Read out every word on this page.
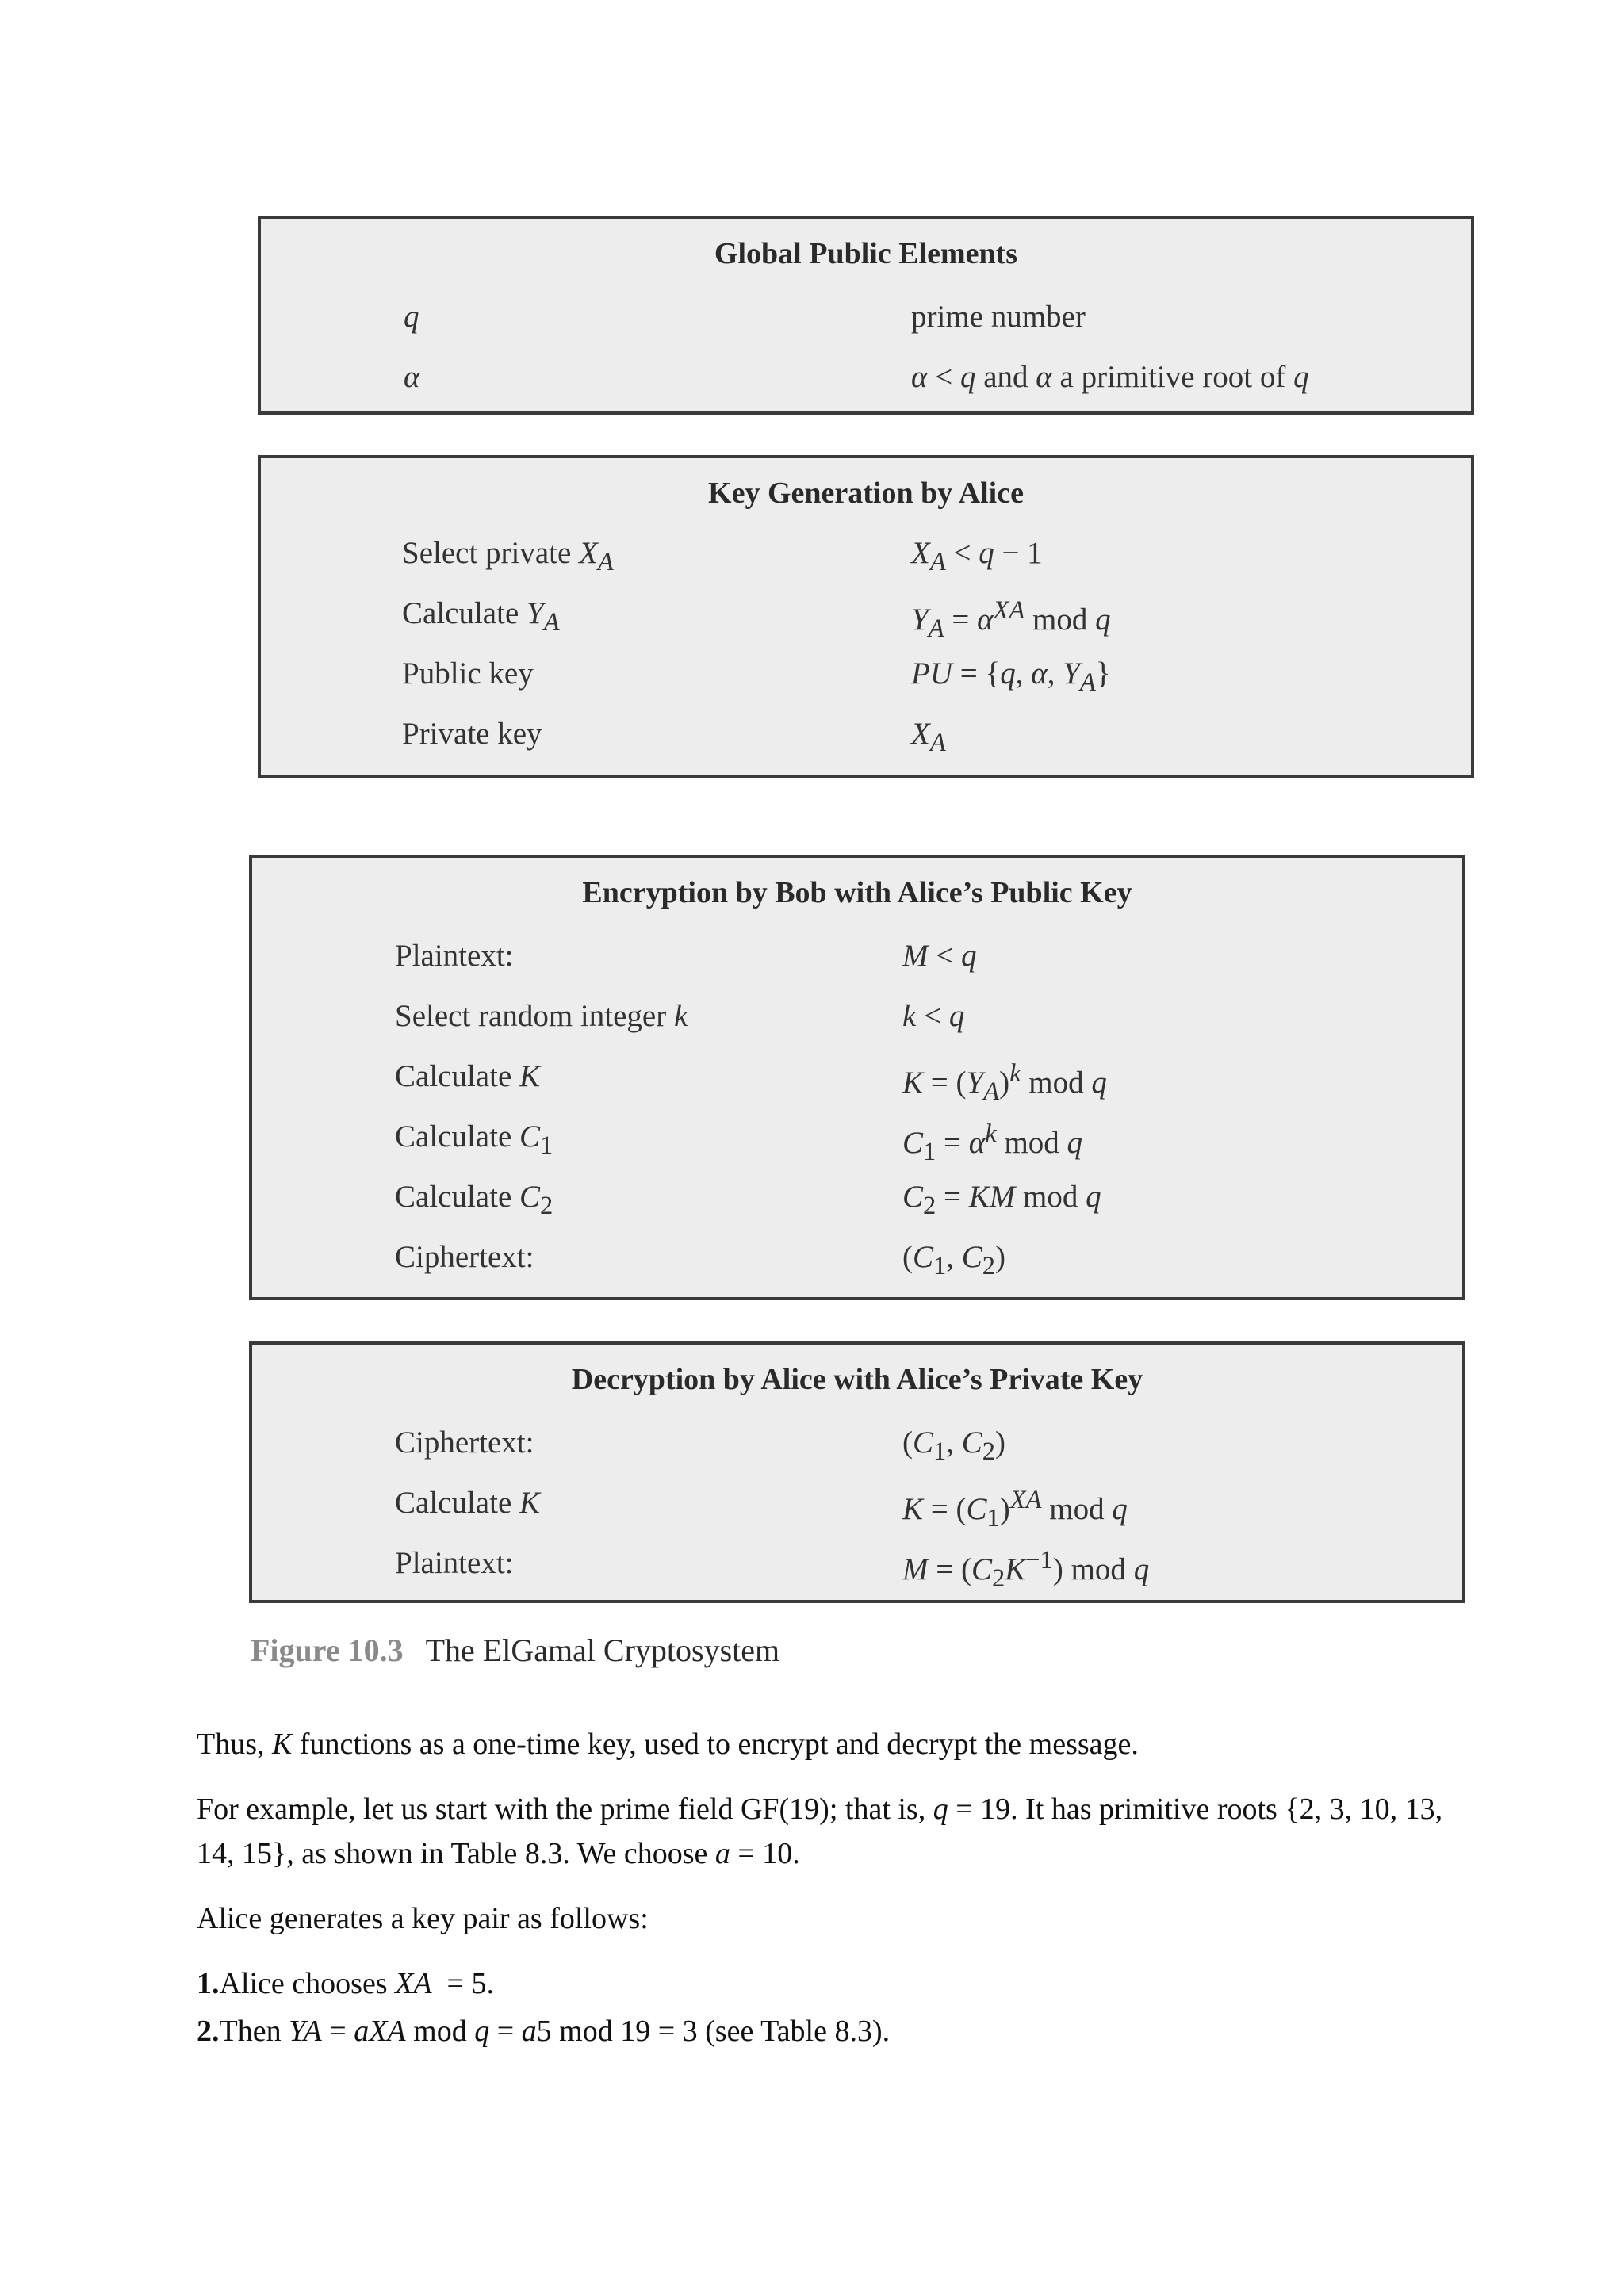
Global Public Elements
q	prime number
α	α < q and α a primitive root of q
Key Generation by Alice
Select private $X_A$	$X_A < q - 1$
Calculate $Y_A$	$Y_A = \alpha^{XA}$ mod q
Public key	PU = {q, α, $Y_A$}
Private key	$X_A$
Encryption by Bob with Alice’s Public Key
Plaintext:	M < q
Select random integer k	k < q
Calculate K	$K = (Y_A)^k$ mod q
Calculate $C_1$	$C_1 = \alpha^k$ mod q
Calculate $C_2$	$C_2$ = KM mod q
Ciphertext:	($C_1$, $C_2$)
Decryption by Alice with Alice’s Private Key
Ciphertext:	($C_1$, $C_2$)
Calculate K	$K = (C_1)^{XA}$ mod q
Plaintext:	$M = (C_2K^{-1})$ mod q
Figure 10.3 The ElGamal Cryptosystem
Thus, K functions as a one-time key, used to encrypt and decrypt the message.
For example, let us start with the prime field GF(19); that is, q = 19. It has primitive roots {2, 3, 10, 13, 14, 15}, as shown in Table 8.3. We choose a = 10.
Alice generates a key pair as follows:
1.Alice chooses XA  = 5.
2.Then YA = aXA mod q = a5 mod 19 = 3 (see Table 8.3).
